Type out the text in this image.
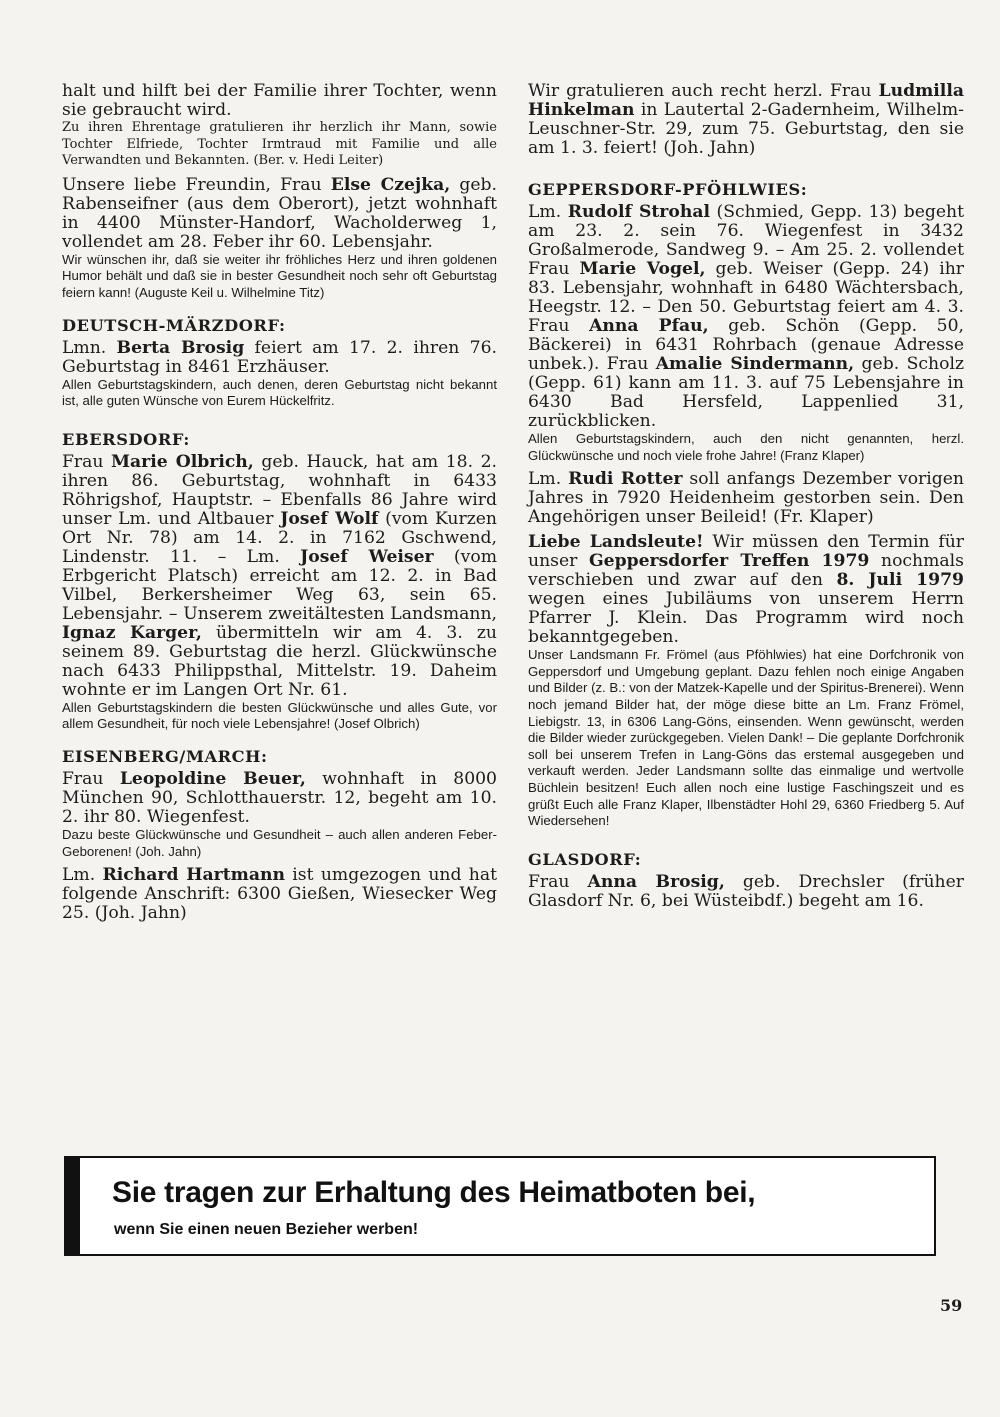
halt und hilft bei der Familie ihrer Tochter, wenn sie gebraucht wird.

Zu ihren Ehrentage gratulieren ihr herzlich ihr Mann, sowie Tochter Elfriede, Tochter Irmtraud mit Familie und alle Verwandten und Bekannten. (Ber. v. Hedi Leiter)

Unsere liebe Freundin, Frau Else Czejka, geb. Rabenseifner (aus dem Oberort), jetzt wohnhaft in 4400 Münster-Handorf, Wacholderweg 1, vollendet am 28. Feber ihr 60. Lebensjahr.

Wir wünschen ihr, daß sie weiter ihr fröhliches Herz und ihren goldenen Humor behält und daß sie in bester Gesundheit noch sehr oft Geburtstag feiern kann! (Auguste Keil u. Wilhelmine Titz)

DEUTSCH-MÄRZDORF:

Lmn. Berta Brosig feiert am 17. 2. ihren 76. Geburtstag in 8461 Erzhäuser.

Allen Geburtstagskindern, auch denen, deren Geburtstag nicht bekannt ist, alle guten Wünsche von Eurem Hückelfritz.

EBERSDORF:

Frau Marie Olbrich, geb. Hauck, hat am 18. 2. ihren 86. Geburtstag, wohnhaft in 6433 Röhrigshof, Hauptstr. – Ebenfalls 86 Jahre wird unser Lm. und Altbauer Josef Wolf (vom Kurzen Ort Nr. 78) am 14. 2. in 7162 Gschwend, Lindenstr. 11. – Lm. Josef Weiser (vom Erbgericht Platsch) erreicht am 12. 2. in Bad Vilbel, Berkersheimer Weg 63, sein 65. Lebensjahr. – Unserem zweitältesten Landsmann, Ignaz Karger, übermitteln wir am 4. 3. zu seinem 89. Geburtstag die herzl. Glückwünsche nach 6433 Philippsthal, Mittelstr. 19. Daheim wohnte er im Langen Ort Nr. 61.

Allen Geburtstagskindern die besten Glückwünsche und alles Gute, vor allem Gesundheit, für noch viele Lebensjahre! (Josef Olbrich)

EISENBERG/MARCH:

Frau Leopoldine Beuer, wohnhaft in 8000 München 90, Schlotthauerstr. 12, begeht am 10. 2. ihr 80. Wiegenfest.

Dazu beste Glückwünsche und Gesundheit – auch allen anderen Feber-Geborenen! (Joh. Jahn)

Lm. Richard Hartmann ist umgezogen und hat folgende Anschrift: 6300 Gießen, Wiesecker Weg 25. (Joh. Jahn)

Wir gratulieren auch recht herzl. Frau Ludmilla Hinkelman in Lautertal 2-Gadernheim, Wilhelm-Leuschner-Str. 29, zum 75. Geburtstag, den sie am 1. 3. feiert! (Joh. Jahn)

GEPPERSDORF-PFÖHLWIES:

Lm. Rudolf Strohal (Schmied, Gepp. 13) begeht am 23. 2. sein 76. Wiegenfest in 3432 Großalmerode, Sandweg 9. – Am 25. 2. vollendet Frau Marie Vogel, geb. Weiser (Gepp. 24) ihr 83. Lebensjahr, wohnhaft in 6480 Wächtersbach, Heegstr. 12. – Den 50. Geburtstag feiert am 4. 3. Frau Anna Pfau, geb. Schön (Gepp. 50, Bäckerei) in 6431 Rohrbach (genaue Adresse unbek.). Frau Amalie Sindermann, geb. Scholz (Gepp. 61) kann am 11. 3. auf 75 Lebensjahre in 6430 Bad Hersfeld, Lappenlied 31, zurückblicken.

Allen Geburtstagskindern, auch den nicht genannten, herzl. Glückwünsche und noch viele frohe Jahre! (Franz Klaper)

Lm. Rudi Rotter soll anfangs Dezember vorigen Jahres in 7920 Heidenheim gestorben sein. Den Angehörigen unser Beileid! (Fr. Klaper)

Liebe Landsleute! Wir müssen den Termin für unser Geppersdorfer Treffen 1979 nochmals verschieben und zwar auf den 8. Juli 1979 wegen eines Jubiläums von unserem Herrn Pfarrer J. Klein. Das Programm wird noch bekanntgegeben.

Unser Landsmann Fr. Frömel (aus Pföhlwies) hat eine Dorfchronik von Geppersdorf und Umgebung geplant. Dazu fehlen noch einige Angaben und Bilder (z. B.: von der Matzek-Kapelle und der Spiritus-Brenerei). Wenn noch jemand Bilder hat, der möge diese bitte an Lm. Franz Frömel, Liebigstr. 13, in 6306 Lang-Göns, einsenden. Wenn gewünscht, werden die Bilder wieder zurückgegeben. Vielen Dank! – Die geplante Dorfchronik soll bei unserem Trefen in Lang-Göns das erstemal ausgegeben und verkauft werden. Jeder Landsmann sollte das einmalige und wertvolle Büchlein besitzen! Euch allen noch eine lustige Faschingszeit und es grüßt Euch alle Franz Klaper, Ilbenstädter Hohl 29, 6360 Friedberg 5. Auf Wiedersehen!

GLASDORF:

Frau Anna Brosig, geb. Drechsler (früher Glasdorf Nr. 6, bei Wüsteibdf.) begeht am 16.

Sie tragen zur Erhaltung des Heimatboten bei,
wenn Sie einen neuen Bezieher werben!
59
